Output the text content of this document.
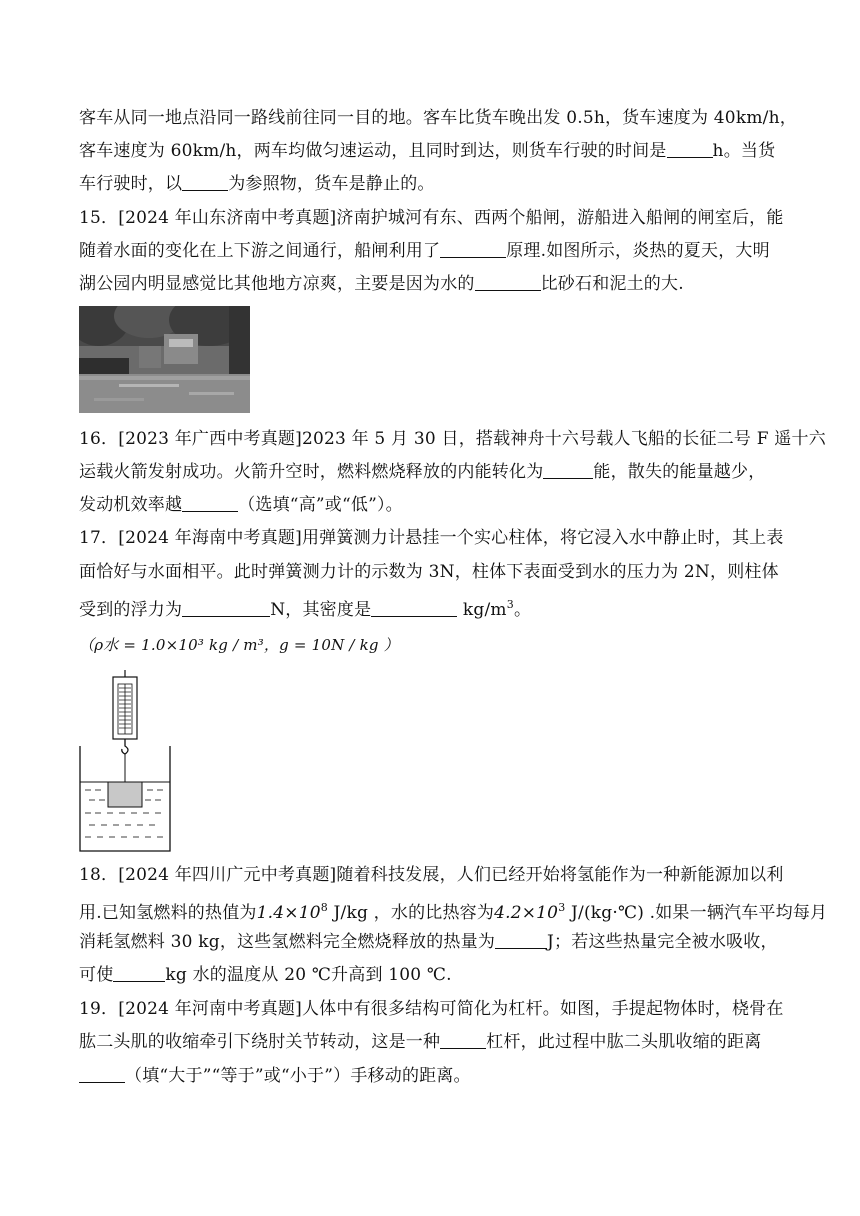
客车从同一地点沿同一路线前往同一目的地。客车比货车晚出发 0.5h，货车速度为 40km/h，
客车速度为 60km/h，两车均做匀速运动，且同时到达，则货车行驶的时间是	h。当货
车行驶时，以	为参照物，货车是静止的。
15．[2024 年山东济南中考真题]济南护城河有东、西两个船闸，游船进入船闸的闸室后，能
随着水面的变化在上下游之间通行，船闸利用了	原理.如图所示，炎热的夏天，大明
湖公园内明显感觉比其他地方凉爽，主要是因为水的	比砂石和泥土的大.
16．[2023 年广西中考真题]2023 年 5 月 30 日，搭载神舟十六号载人飞船的长征二号 F 遥十六
运载火箭发射成功。火箭升空时，燃料燃烧释放的内能转化为	能，散失的能量越少，
发动机效率越	（选填“高”或“低”）。
17．[2024 年海南中考真题]用弹簧测力计悬挂一个实心柱体，将它浸入水中静止时，其上表
面恰好与水面相平。此时弹簧测力计的示数为 3N，柱体下表面受到水的压力为 2N，则柱体
受到的浮力为	N，其密度是	$kg/m^3$。
（ρ水 = 1.0×10³ kg / m³，g = 10N / kg ）
18．[2024 年四川广元中考真题]随着科技发展，人们已经开始将氢能作为一种新能源加以利
用.已知氢燃料的热值为$1.4\times 10^8$ J/kg ，水的比热容为$4.2\times 10^3$ J/(kg·℃) .如果一辆汽车平均每月
消耗氢燃料 30 kg，这些氢燃料完全燃烧释放的热量为	J；若这些热量完全被水吸收，
可使	kg 水的温度从 20 ℃升高到 100 ℃.
19．[2024 年河南中考真题]人体中有很多结构可简化为杠杆。如图，手提起物体时，桡骨在
肱二头肌的收缩牵引下绕肘关节转动，这是一种	杠杆，此过程中肱二头肌收缩的距离
（填“大于”“等于”或“小于”）手移动的距离。
